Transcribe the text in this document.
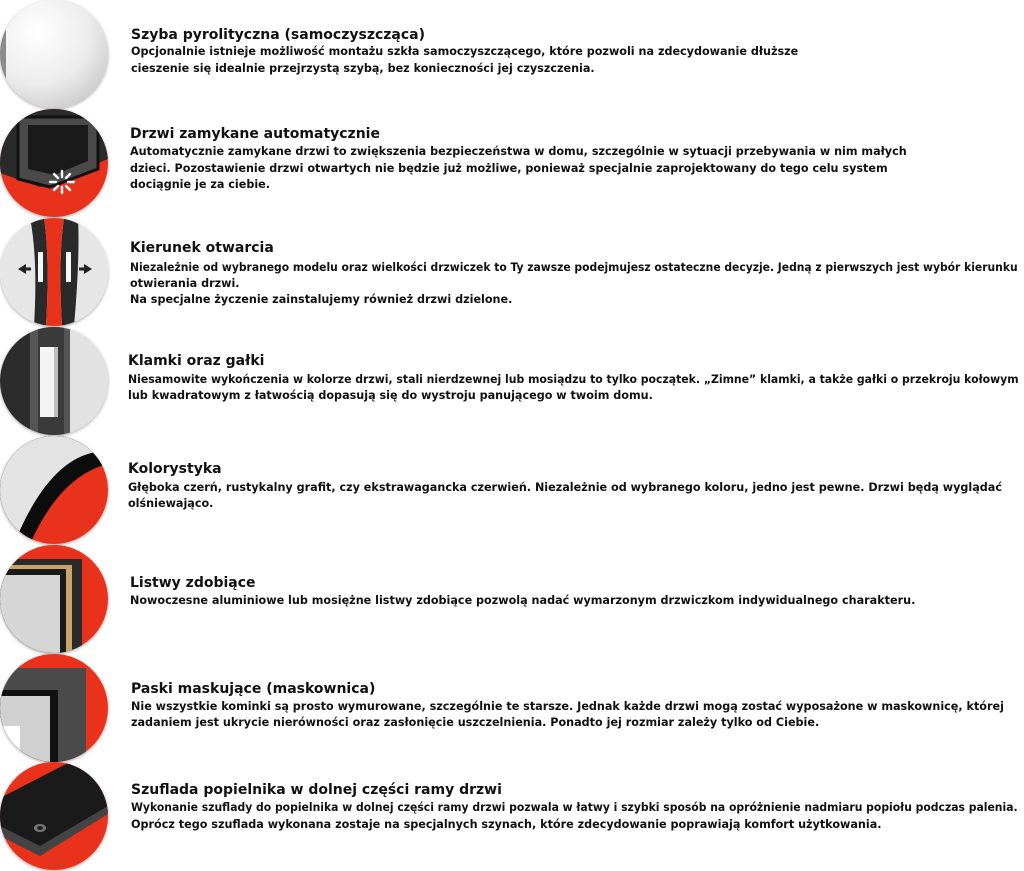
Szyba pyrolityczna (samoczyszcząca)
Opcjonalnie istnieje możliwość montażu szkła samoczyszczącego, które pozwoli na zdecydowanie dłuższe
cieszenie się idealnie przejrzystą szybą, bez konieczności jej czyszczenia.
Drzwi zamykane automatycznie
Automatycznie zamykane drzwi to zwiększenia bezpieczeństwa w domu, szczególnie w sytuacji przebywania w nim małych
dzieci. Pozostawienie drzwi otwartych nie będzie już możliwe, ponieważ specjalnie zaprojektowany do tego celu system
dociągnie je za ciebie.
Kierunek otwarcia
Niezależnie od wybranego modelu oraz wielkości drzwiczek to Ty zawsze podejmujesz ostateczne decyzje. Jedną z pierwszych jest wybór kierunku
otwierania drzwi.
Na specjalne życzenie zainstalujemy również drzwi dzielone.
Klamki oraz gałki
Niesamowite wykończenia w kolorze drzwi, stali nierdzewnej lub mosiądzu to tylko początek. „Zimne” klamki, a także gałki o przekroju kołowym
lub kwadratowym z łatwością dopasują się do wystroju panującego w twoim domu.
Kolorystyka
Głęboka czerń, rustykalny grafit, czy ekstrawagancka czerwień. Niezależnie od wybranego koloru, jedno jest pewne. Drzwi będą wyglądać
olśniewająco.
Listwy zdobiące
Nowoczesne aluminiowe lub mosiężne listwy zdobiące pozwolą nadać wymarzonym drzwiczkom indywidualnego charakteru.
Paski maskujące (maskownica)
Nie wszystkie kominki są prosto wymurowane, szczególnie te starsze. Jednak każde drzwi mogą zostać wyposażone w maskownicę, której
zadaniem jest ukrycie nierówności oraz zasłonięcie uszczelnienia. Ponadto jej rozmiar zależy tylko od Ciebie.
Szuflada popielnika w dolnej części ramy drzwi
Wykonanie szuflady do popielnika w dolnej części ramy drzwi pozwala w łatwy i szybki sposób na opróżnienie nadmiaru popiołu podczas palenia.
Oprócz tego szuflada wykonana zostaje na specjalnych szynach, które zdecydowanie poprawiają komfort użytkowania.
